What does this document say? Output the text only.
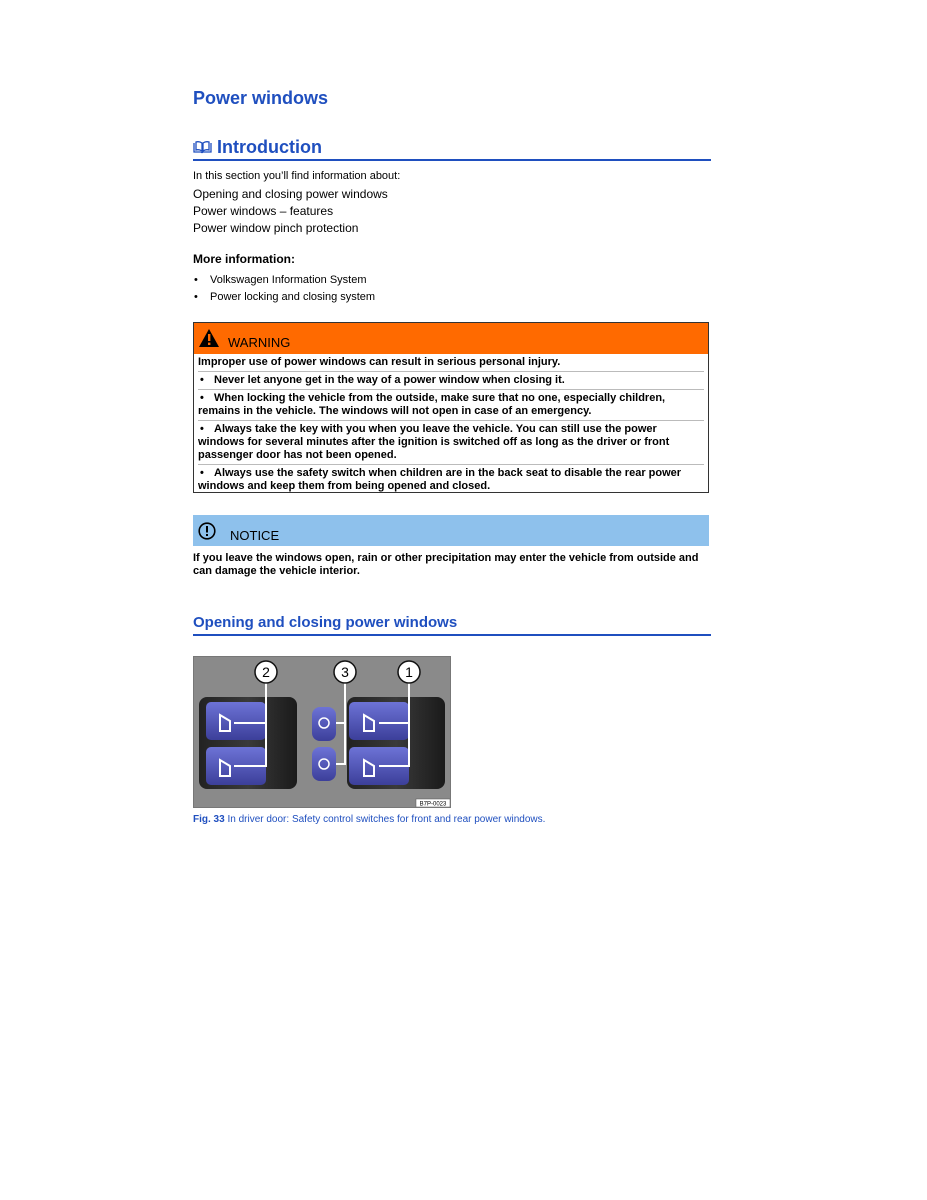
Power windows
Introduction
In this section you’ll find information about:
Opening and closing power windows
Power windows – features
Power window pinch protection
More information:
• Volkswagen Information System
• Power locking and closing system
WARNING

Improper use of power windows can result in serious personal injury.

• Never let anyone get in the way of a power window when closing it.

• When locking the vehicle from the outside, make sure that no one, especially children, remains in the vehicle. The windows will not open in case of an emergency.

• Always take the key with you when you leave the vehicle. You can still use the power windows for several minutes after the ignition is switched off as long as the driver or front passenger door has not been opened.

• Always use the safety switch when children are in the back seat to disable the rear power windows and keep them from being opened and closed.

NOTICE
If you leave the windows open, rain or other precipitation may enter the vehicle from outside and can damage the vehicle interior.
Opening and closing power windows
2	3	1
B7P-0023
Fig. 33 In driver door: Safety control switches for front and rear power windows.
